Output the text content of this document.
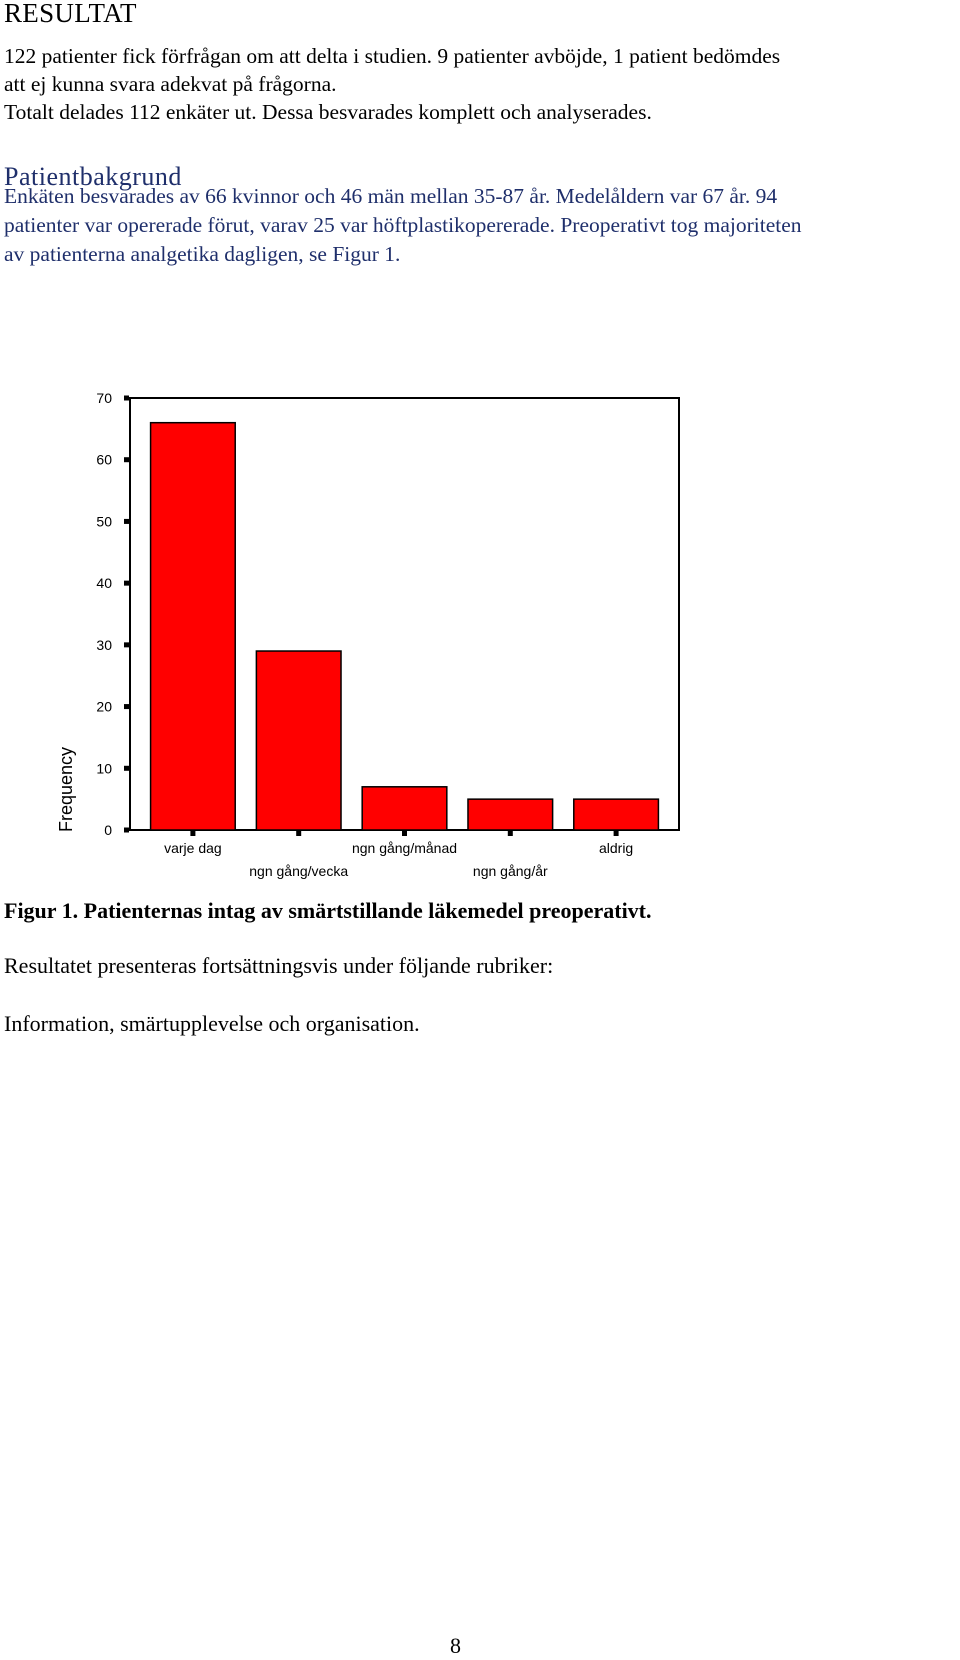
RESULTAT
122 patienter fick förfrågan om att delta i studien. 9 patienter avböjde, 1 patient bedömdes
att ej kunna svara adekvat på frågorna.
Totalt delades 112 enkäter ut. Dessa besvarades komplett och analyserades.
Patientbakgrund
Enkäten besvarades av 66 kvinnor och 46 män mellan 35-87 år. Medelåldern var 67 år. 94
patienter var opererade förut, varav 25 var höftplastikopererade. Preoperativt tog majoriteten
av patienterna analgetika dagligen, se Figur 1.
0
10
20
30
40
50
60
70
varje dag
ngn gång/vecka
ngn gång/månad
ngn gång/år
aldrig
Frequency
Figur 1. Patienternas intag av smärtstillande läkemedel preoperativt.
Resultatet presenteras fortsättningsvis under följande rubriker:
Information, smärtupplevelse och organisation.
8
